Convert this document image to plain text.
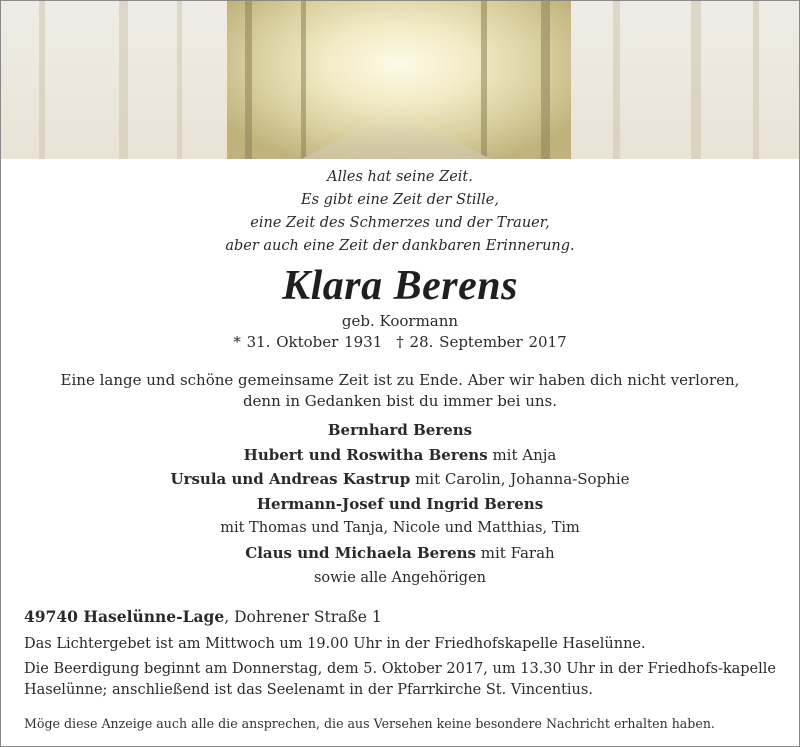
Alles hat seine Zeit.
Es gibt eine Zeit der Stille,
eine Zeit des Schmerzes und der Trauer,
aber auch eine Zeit der dankbaren Erinnerung.
Klara Berens
geb. Koormann
* 31. Oktober 1931 † 28. September 2017
Eine lange und schöne gemeinsame Zeit ist zu Ende. Aber wir haben dich nicht verloren,
denn in Gedanken bist du immer bei uns.
Bernhard Berens
Hubert und Roswitha Berens mit Anja
Ursula und Andreas Kastrup mit Carolin, Johanna-Sophie
Hermann-Josef und Ingrid Berens
mit Thomas und Tanja, Nicole und Matthias, Tim
Claus und Michaela Berens mit Farah
sowie alle Angehörigen
49740 Haselünne-Lage, Dohrener Straße 1
Das Lichtergebet ist am Mittwoch um 19.00 Uhr in der Friedhofskapelle Haselünne.
Die Beerdigung beginnt am Donnerstag, dem 5. Oktober 2017, um 13.30 Uhr in der Friedhofs-kapelle Haselünne; anschließend ist das Seelenamt in der Pfarrkirche St. Vincentius.
Möge diese Anzeige auch alle die ansprechen, die aus Versehen keine besondere Nachricht erhalten haben.
